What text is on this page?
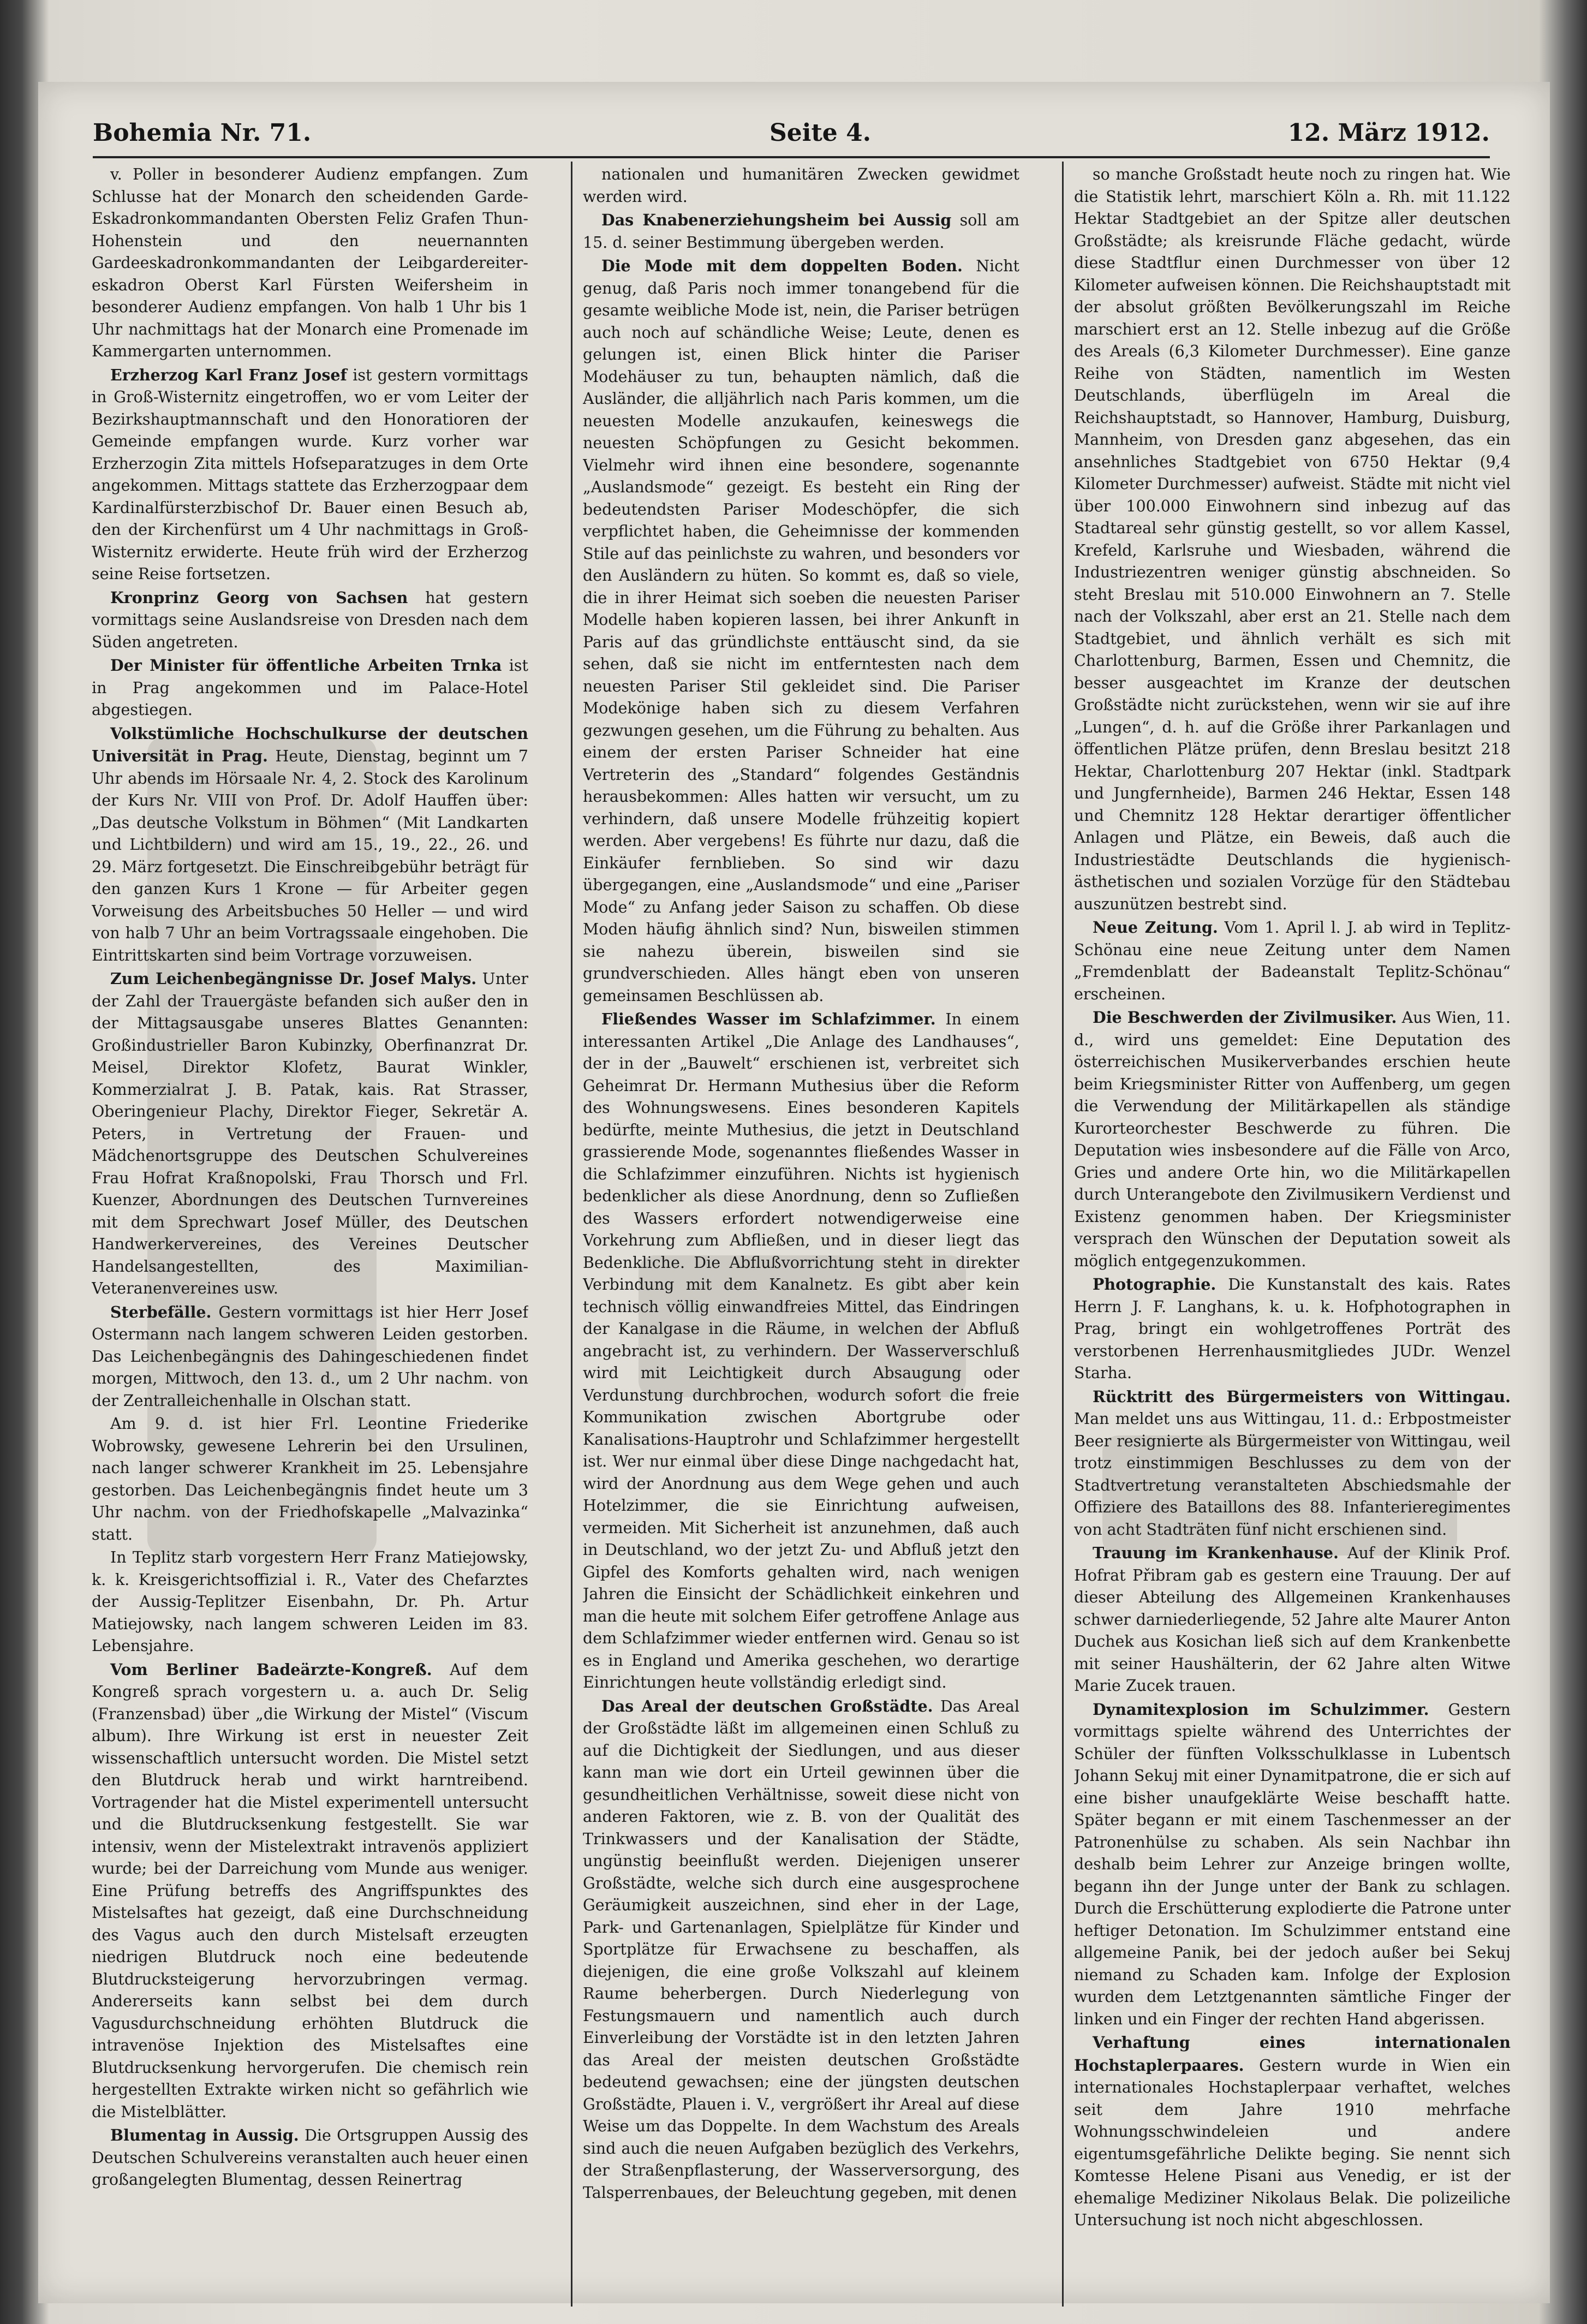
Bohemia Nr. 71.	Seite 4.	12. März 1912.

v. Poller in besonderer Audienz empfangen. Zum Schlusse hat der Monarch den scheidenden Garde-Eskadronkommandanten Obersten Feliz Grafen Thun-Hohenstein und den neuernannten Gardeeskadronkommandanten der Leibgardereiter-eskadron Oberst Karl Fürsten Weifersheim in besonderer Audienz empfangen. Von halb 1 Uhr bis 1 Uhr nachmittags hat der Monarch eine Promenade im Kammergarten unternommen.

Erzherzog Karl Franz Josef ist gestern vormittags in Groß-Wisternitz eingetroffen, wo er vom Leiter der Bezirkshauptmannschaft und den Honoratioren der Gemeinde empfangen wurde. Kurz vorher war Erzherzogin Zita mittels Hofseparatzuges in dem Orte angekommen. Mittags stattete das Erzherzogpaar dem Kardinalfürsterzbischof Dr. Bauer einen Besuch ab, den der Kirchenfürst um 4 Uhr nachmittags in Groß-Wisternitz erwiderte. Heute früh wird der Erzherzog seine Reise fortsetzen.

Kronprinz Georg von Sachsen hat gestern vormittags seine Auslandsreise von Dresden nach dem Süden angetreten.

Der Minister für öffentliche Arbeiten Trnka ist in Prag angekommen und im Palace-Hotel abgestiegen.

Volkstümliche Hochschulkurse der deutschen Universität in Prag. Heute, Dienstag, beginnt um 7 Uhr abends im Hörsaale Nr. 4, 2. Stock des Karolinum der Kurs Nr. VIII von Prof. Dr. Adolf Hauffen über: „Das deutsche Volkstum in Böhmen“ (Mit Landkarten und Lichtbildern) und wird am 15., 19., 22., 26. und 29. März fortgesetzt. Die Einschreibgebühr beträgt für den ganzen Kurs 1 Krone — für Arbeiter gegen Vorweisung des Arbeitsbuches 50 Heller — und wird von halb 7 Uhr an beim Vortragssaale eingehoben. Die Eintrittskarten sind beim Vortrage vorzuweisen.

Zum Leichenbegängnisse Dr. Josef Malys. Unter der Zahl der Trauergäste befanden sich außer den in der Mittagsausgabe unseres Blattes Genannten: Großindustrieller Baron Kubinzky, Oberfinanzrat Dr. Meisel, Direktor Klofetz, Baurat Winkler, Kommerzialrat J. B. Patak, kais. Rat Strasser, Oberingenieur Plachy, Direktor Fieger, Sekretär A. Peters, in Vertretung der Frauen- und Mädchenortsgruppe des Deutschen Schulvereines Frau Hofrat Kraßnopolski, Frau Thorsch und Frl. Kuenzer, Abordnungen des Deutschen Turnvereines mit dem Sprechwart Josef Müller, des Deutschen Handwerkervereines, des Vereines Deutscher Handelsangestellten, des Maximilian-Veteranenvereines usw.

Sterbefälle. Gestern vormittags ist hier Herr Josef Ostermann nach langem schweren Leiden gestorben. Das Leichenbegängnis des Dahingeschiedenen findet morgen, Mittwoch, den 13. d., um 2 Uhr nachm. von der Zentralleichenhalle in Olschan statt.

Am 9. d. ist hier Frl. Leontine Friederike Wobrowsky, gewesene Lehrerin bei den Ursulinen, nach langer schwerer Krankheit im 25. Lebensjahre gestorben. Das Leichenbegängnis findet heute um 3 Uhr nachm. von der Friedhofskapelle „Malvazinka“ statt.

In Teplitz starb vorgestern Herr Franz Matiejowsky, k. k. Kreisgerichtsoffizial i. R., Vater des Chefarztes der Aussig-Teplitzer Eisenbahn, Dr. Ph. Artur Matiejowsky, nach langem schweren Leiden im 83. Lebensjahre.

Vom Berliner Badeärzte-Kongreß. Auf dem Kongreß sprach vorgestern u. a. auch Dr. Selig (Franzensbad) über „die Wirkung der Mistel“ (Viscum album). Ihre Wirkung ist erst in neuester Zeit wissenschaftlich untersucht worden. Die Mistel setzt den Blutdruck herab und wirkt harntreibend. Vortragender hat die Mistel experimentell untersucht und die Blutdrucksenkung festgestellt. Sie war intensiv, wenn der Mistelextrakt intravenös appliziert wurde; bei der Darreichung vom Munde aus weniger. Eine Prüfung betreffs des Angriffspunktes des Mistelsaftes hat gezeigt, daß eine Durchschneidung des Vagus auch den durch Mistelsaft erzeugten niedrigen Blutdruck noch eine bedeutende Blutdrucksteigerung hervorzubringen vermag. Andererseits kann selbst bei dem durch Vagusdurchschneidung erhöhten Blutdruck die intravenöse Injektion des Mistelsaftes eine Blutdrucksenkung hervorgerufen. Die chemisch rein hergestellten Extrakte wirken nicht so gefährlich wie die Mistelblätter.

Blumentag in Aussig. Die Ortsgruppen Aussig des Deutschen Schulvereins veranstalten auch heuer einen großangelegten Blumentag, dessen Reinertrag

nationalen und humanitären Zwecken gewidmet werden wird.

Das Knabenerziehungsheim bei Aussig soll am 15. d. seiner Bestimmung übergeben werden.

Die Mode mit dem doppelten Boden. Nicht genug, daß Paris noch immer tonangebend für die gesamte weibliche Mode ist, nein, die Pariser betrügen auch noch auf schändliche Weise; Leute, denen es gelungen ist, einen Blick hinter die Pariser Modehäuser zu tun, behaupten nämlich, daß die Ausländer, die alljährlich nach Paris kommen, um die neuesten Modelle anzukaufen, keineswegs die neuesten Schöpfungen zu Gesicht bekommen. Vielmehr wird ihnen eine besondere, sogenannte „Auslandsmode“ gezeigt. Es besteht ein Ring der bedeutendsten Pariser Modeschöpfer, die sich verpflichtet haben, die Geheimnisse der kommenden Stile auf das peinlichste zu wahren, und besonders vor den Ausländern zu hüten. So kommt es, daß so viele, die in ihrer Heimat sich soeben die neuesten Pariser Modelle haben kopieren lassen, bei ihrer Ankunft in Paris auf das gründlichste enttäuscht sind, da sie sehen, daß sie nicht im entferntesten nach dem neuesten Pariser Stil gekleidet sind. Die Pariser Modekönige haben sich zu diesem Verfahren gezwungen gesehen, um die Führung zu behalten. Aus einem der ersten Pariser Schneider hat eine Vertreterin des „Standard“ folgendes Geständnis herausbekommen: Alles hatten wir versucht, um zu verhindern, daß unsere Modelle frühzeitig kopiert werden. Aber vergebens! Es führte nur dazu, daß die Einkäufer fernblieben. So sind wir dazu übergegangen, eine „Auslandsmode“ und eine „Pariser Mode“ zu Anfang jeder Saison zu schaffen. Ob diese Moden häufig ähnlich sind? Nun, bisweilen stimmen sie nahezu überein, bisweilen sind sie grundverschieden. Alles hängt eben von unseren gemeinsamen Beschlüssen ab.

Fließendes Wasser im Schlafzimmer. In einem interessanten Artikel „Die Anlage des Landhauses“, der in der „Bauwelt“ erschienen ist, verbreitet sich Geheimrat Dr. Hermann Muthesius über die Reform des Wohnungswesens. Eines besonderen Kapitels bedürfte, meinte Muthesius, die jetzt in Deutschland grassierende Mode, sogenanntes fließendes Wasser in die Schlafzimmer einzuführen. Nichts ist hygienisch bedenklicher als diese Anordnung, denn so Zufließen des Wassers erfordert notwendigerweise eine Vorkehrung zum Abfließen, und in dieser liegt das Bedenkliche. Die Abflußvorrichtung steht in direkter Verbindung mit dem Kanalnetz. Es gibt aber kein technisch völlig einwandfreies Mittel, das Eindringen der Kanalgase in die Räume, in welchen der Abfluß angebracht ist, zu verhindern. Der Wasserverschluß wird mit Leichtigkeit durch Absaugung oder Verdunstung durchbrochen, wodurch sofort die freie Kommunikation zwischen Abortgrube oder Kanalisations-Hauptrohr und Schlafzimmer hergestellt ist. Wer nur einmal über diese Dinge nachgedacht hat, wird der Anordnung aus dem Wege gehen und auch Hotelzimmer, die sie Einrichtung aufweisen, vermeiden. Mit Sicherheit ist anzunehmen, daß auch in Deutschland, wo der jetzt Zu- und Abfluß jetzt den Gipfel des Komforts gehalten wird, nach wenigen Jahren die Einsicht der Schädlichkeit einkehren und man die heute mit solchem Eifer getroffene Anlage aus dem Schlafzimmer wieder entfernen wird. Genau so ist es in England und Amerika geschehen, wo derartige Einrichtungen heute vollständig erledigt sind.

Das Areal der deutschen Großstädte. Das Areal der Großstädte läßt im allgemeinen einen Schluß zu auf die Dichtigkeit der Siedlungen, und aus dieser kann man wie dort ein Urteil gewinnen über die gesundheitlichen Verhältnisse, soweit diese nicht von anderen Faktoren, wie z. B. von der Qualität des Trinkwassers und der Kanalisation der Städte, ungünstig beeinflußt werden. Diejenigen unserer Großstädte, welche sich durch eine ausgesprochene Geräumigkeit auszeichnen, sind eher in der Lage, Park- und Gartenanlagen, Spielplätze für Kinder und Sportplätze für Erwachsene zu beschaffen, als diejenigen, die eine große Volkszahl auf kleinem Raume beherbergen. Durch Niederlegung von Festungsmauern und namentlich auch durch Einverleibung der Vorstädte ist in den letzten Jahren das Areal der meisten deutschen Großstädte bedeutend gewachsen; eine der jüngsten deutschen Großstädte, Plauen i. V., vergrößert ihr Areal auf diese Weise um das Doppelte. In dem Wachstum des Areals sind auch die neuen Aufgaben bezüglich des Verkehrs, der Straßenpflasterung, der Wasserversorgung, des Talsperrenbaues, der Beleuchtung gegeben, mit denen

so manche Großstadt heute noch zu ringen hat. Wie die Statistik lehrt, marschiert Köln a. Rh. mit 11.122 Hektar Stadtgebiet an der Spitze aller deutschen Großstädte; als kreisrunde Fläche gedacht, würde diese Stadtflur einen Durchmesser von über 12 Kilometer aufweisen können. Die Reichshauptstadt mit der absolut größten Bevölkerungszahl im Reiche marschiert erst an 12. Stelle inbezug auf die Größe des Areals (6,3 Kilometer Durchmesser). Eine ganze Reihe von Städten, namentlich im Westen Deutschlands, überflügeln im Areal die Reichshauptstadt, so Hannover, Hamburg, Duisburg, Mannheim, von Dresden ganz abgesehen, das ein ansehnliches Stadtgebiet von 6750 Hektar (9,4 Kilometer Durchmesser) aufweist. Städte mit nicht viel über 100.000 Einwohnern sind inbezug auf das Stadtareal sehr günstig gestellt, so vor allem Kassel, Krefeld, Karlsruhe und Wiesbaden, während die Industriezentren weniger günstig abschneiden. So steht Breslau mit 510.000 Einwohnern an 7. Stelle nach der Volkszahl, aber erst an 21. Stelle nach dem Stadtgebiet, und ähnlich verhält es sich mit Charlottenburg, Barmen, Essen und Chemnitz, die besser ausgeachtet im Kranze der deutschen Großstädte nicht zurückstehen, wenn wir sie auf ihre „Lungen“, d. h. auf die Größe ihrer Parkanlagen und öffentlichen Plätze prüfen, denn Breslau besitzt 218 Hektar, Charlottenburg 207 Hektar (inkl. Stadtpark und Jungfernheide), Barmen 246 Hektar, Essen 148 und Chemnitz 128 Hektar derartiger öffentlicher Anlagen und Plätze, ein Beweis, daß auch die Industriestädte Deutschlands die hygienisch-ästhetischen und sozialen Vorzüge für den Städtebau auszunützen bestrebt sind.

Neue Zeitung. Vom 1. April l. J. ab wird in Teplitz-Schönau eine neue Zeitung unter dem Namen „Fremdenblatt der Badeanstalt Teplitz-Schönau“ erscheinen.

Die Beschwerden der Zivilmusiker. Aus Wien, 11. d., wird uns gemeldet: Eine Deputation des österreichischen Musikerverbandes erschien heute beim Kriegsminister Ritter von Auffenberg, um gegen die Verwendung der Militärkapellen als ständige Kurorteorchester Beschwerde zu führen. Die Deputation wies insbesondere auf die Fälle von Arco, Gries und andere Orte hin, wo die Militärkapellen durch Unterangebote den Zivilmusikern Verdienst und Existenz genommen haben. Der Kriegsminister versprach den Wünschen der Deputation soweit als möglich entgegenzukommen.

Photographie. Die Kunstanstalt des kais. Rates Herrn J. F. Langhans, k. u. k. Hofphotographen in Prag, bringt ein wohlgetroffenes Porträt des verstorbenen Herrenhausmitgliedes JUDr. Wenzel Starha.

Rücktritt des Bürgermeisters von Wittingau. Man meldet uns aus Wittingau, 11. d.: Erbpostmeister Beer resignierte als Bürgermeister von Wittingau, weil trotz einstimmigen Beschlusses zu dem von der Stadtvertretung veranstalteten Abschiedsmahle der Offiziere des Bataillons des 88. Infanterieregimentes von acht Stadträten fünf nicht erschienen sind.

Trauung im Krankenhause. Auf der Klinik Prof. Hofrat Přibram gab es gestern eine Trauung. Der auf dieser Abteilung des Allgemeinen Krankenhauses schwer darniederliegende, 52 Jahre alte Maurer Anton Duchek aus Kosichan ließ sich auf dem Krankenbette mit seiner Haushälterin, der 62 Jahre alten Witwe Marie Zucek trauen.

Dynamitexplosion im Schulzimmer. Gestern vormittags spielte während des Unterrichtes der Schüler der fünften Volksschulklasse in Lubentsch Johann Sekuj mit einer Dynamitpatrone, die er sich auf eine bisher unaufgeklärte Weise beschafft hatte. Später begann er mit einem Taschenmesser an der Patronenhülse zu schaben. Als sein Nachbar ihn deshalb beim Lehrer zur Anzeige bringen wollte, begann ihn der Junge unter der Bank zu schlagen. Durch die Erschütterung explodierte die Patrone unter heftiger Detonation. Im Schulzimmer entstand eine allgemeine Panik, bei der jedoch außer bei Sekuj niemand zu Schaden kam. Infolge der Explosion wurden dem Letztgenannten sämtliche Finger der linken und ein Finger der rechten Hand abgerissen.

Verhaftung eines internationalen Hochstaplerpaares. Gestern wurde in Wien ein internationales Hochstaplerpaar verhaftet, welches seit dem Jahre 1910 mehrfache Wohnungsschwindeleien und andere eigentumsgefährliche Delikte beging. Sie nennt sich Komtesse Helene Pisani aus Venedig, er ist der ehemalige Mediziner Nikolaus Belak. Die polizeiliche Untersuchung ist noch nicht abgeschlossen.
